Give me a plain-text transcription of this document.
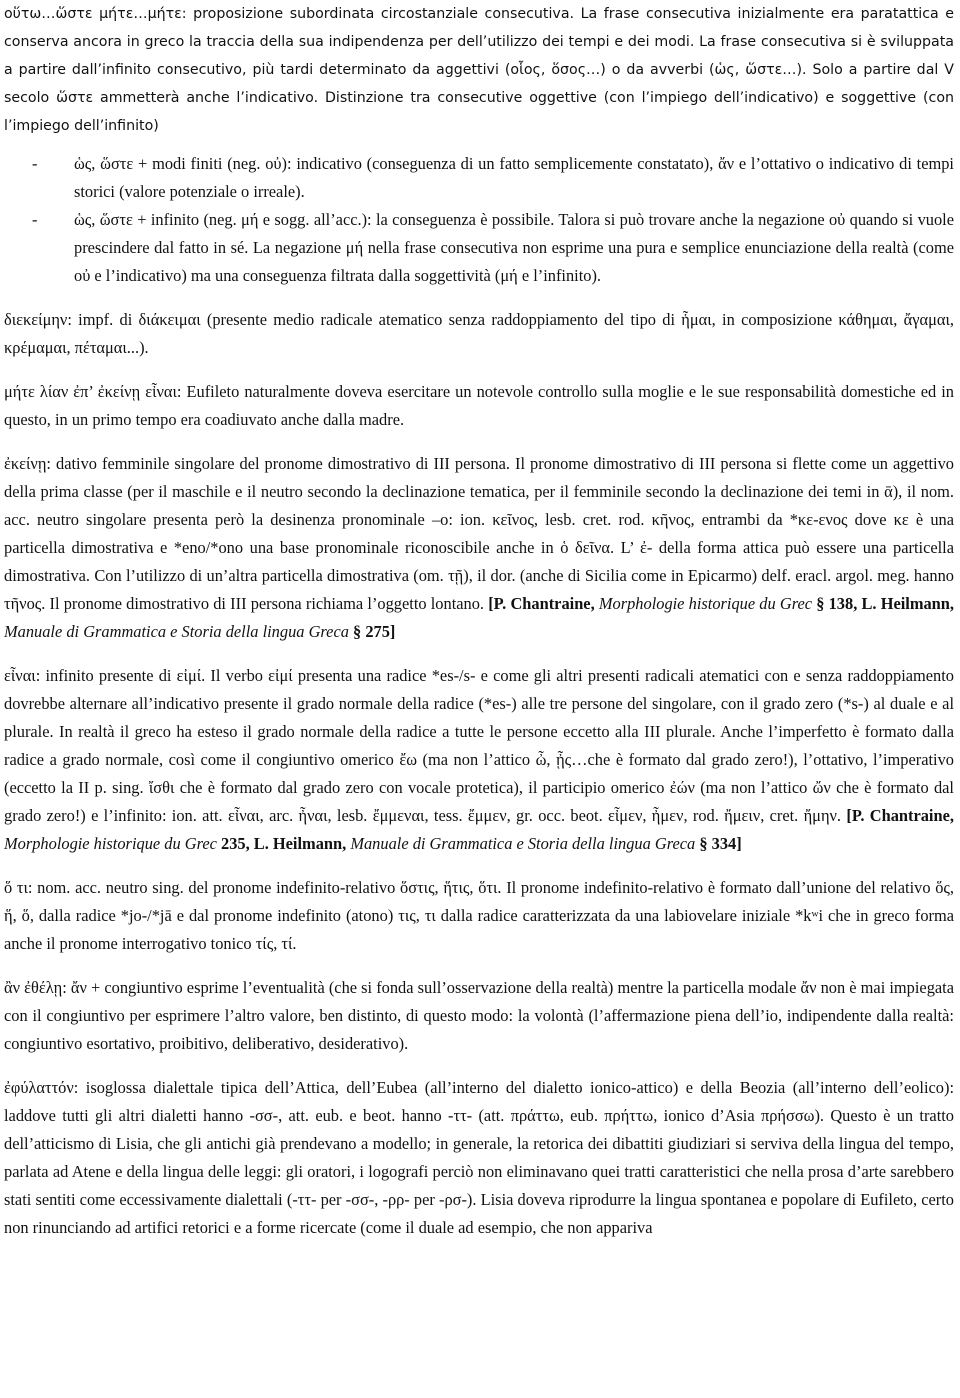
οὕτω…ὥστε μήτε…μήτε: proposizione subordinata circostanziale consecutiva. La frase consecutiva inizialmente era paratattica e conserva ancora in greco la traccia della sua indipendenza per dell’utilizzo dei tempi e dei modi. La frase consecutiva si è sviluppata a partire dall’infinito consecutivo, più tardi determinato da aggettivi (οἷος, ὅσος…) o da avverbi (ὡς, ὥστε…). Solo a partire dal V secolo ὥστε ammetterà anche l’indicativo. Distinzione tra consecutive oggettive (con l’impiego dell’indicativo) e soggettive (con l’impiego dell’infinito)

-	ὡς, ὥστε + modi finiti (neg. οὐ): indicativo (conseguenza di un fatto semplicemente constatato), ἄν e l’ottativo o indicativo di tempi storici (valore potenziale o irreale).
-	ὡς, ὥστε + infinito (neg. μή e sogg. all’acc.): la conseguenza è possibile. Talora si può trovare anche la negazione οὐ quando si vuole prescindere dal fatto in sé. La negazione μή nella frase consecutiva non esprime una pura e semplice enunciazione della realtà (come οὐ e l’indicativo) ma una conseguenza filtrata dalla soggettività (μή e l’infinito).

διεκείμην: impf. di διάκειμαι (presente medio radicale atematico senza raddoppiamento del tipo di ἧμαι, in composizione κάθημαι, ἄγαμαι, κρέμαμαι, πέταμαι...).

μήτε λίαν ἐπ’ ἐκείνῃ εἶναι: Eufileto naturalmente doveva esercitare un notevole controllo sulla moglie e le sue responsabilità domestiche ed in questo, in un primo tempo era coadiuvato anche dalla madre.

ἐκείνῃ: dativo femminile singolare del pronome dimostrativo di III persona. Il pronome dimostrativo di III persona si flette come un aggettivo della prima classe (per il maschile e il neutro secondo la declinazione tematica, per il femminile secondo la declinazione dei temi in ᾱ), il nom. acc. neutro singolare presenta però la desinenza pronominale –ο: ion. κεῖνος, lesb. cret. rod. κῆνος, entrambi da *κε-ενος dove κε è una particella dimostrativa e *eno/*ono una base pronominale riconoscibile anche in ὁ δεῖνα. L’ ἐ- della forma attica può essere una particella dimostrativa. Con l’utilizzo di un’altra particella dimostrativa (om. τῇ), il dor. (anche di Sicilia come in Epicarmo) delf. eracl. argol. meg. hanno τῆνος. Il pronome dimostrativo di III persona richiama l’oggetto lontano. [P. Chantraine, Morphologie historique du Grec § 138, L. Heilmann, Manuale di Grammatica e Storia della lingua Greca § 275]

εἶναι: infinito presente di εἰμί. Il verbo εἰμί presenta una radice *es-/s- e come gli altri presenti radicali atematici con e senza raddoppiamento dovrebbe alternare all’indicativo presente il grado normale della radice (*es-) alle tre persone del singolare, con il grado zero (*s-) al duale e al plurale. In realtà il greco ha esteso il grado normale della radice a tutte le persone eccetto alla III plurale. Anche l’imperfetto è formato dalla radice a grado normale, così come il congiuntivo omerico ἔω (ma non l’attico ὦ, ᾖς…che è formato dal grado zero!), l’ottativo, l’imperativo (eccetto la II p. sing. ἴσθι che è formato dal grado zero con vocale protetica), il participio omerico ἐών (ma non l’attico ὤν che è formato dal grado zero!) e l’infinito: ion. att. εἶναι, arc. ἦναι, lesb. ἔμμεναι, tess. ἔμμεν, gr. occ. beot. εἶμεν, ἦμεν, rod. ἤμειν, cret. ἤμην. [P. Chantraine, Morphologie historique du Grec 235, L. Heilmann, Manuale di Grammatica e Storia della lingua Greca § 334]

ὅ τι: nom. acc. neutro sing. del pronome indefinito-relativo ὅστις, ἥτις, ὅτι. Il pronome indefinito-relativo è formato dall’unione del relativo ὅς, ἥ, ὅ, dalla radice *jo-/*jā e dal pronome indefinito (atono) τις, τι dalla radice caratterizzata da una labiovelare iniziale *kʷi che in greco forma anche il pronome interrogativo tonico τίς, τί.

ἂν ἐθέλῃ: ἄν + congiuntivo esprime l’eventualità (che si fonda sull’osservazione della realtà) mentre la particella modale ἄν non è mai impiegata con il congiuntivo per esprimere l’altro valore, ben distinto, di questo modo: la volontà (l’affermazione piena dell’io, indipendente dalla realtà: congiuntivo esortativo, proibitivo, deliberativo, desiderativo).

ἐφύλαττόν: isoglossa dialettale tipica dell’Attica, dell’Eubea (all’interno del dialetto ionico-attico) e della Beozia (all’interno dell’eolico): laddove tutti gli altri dialetti hanno -σσ-, att. eub. e beot. hanno -ττ- (att. πράττω, eub. πρήττω, ionico d’Asia πρήσσω). Questo è un tratto dell’atticismo di Lisia, che gli antichi già prendevano a modello; in generale, la retorica dei dibattiti giudiziari si serviva della lingua del tempo, parlata ad Atene e della lingua delle leggi: gli oratori, i logografi perciò non eliminavano quei tratti caratteristici che nella prosa d’arte sarebbero stati sentiti come eccessivamente dialettali (-ττ- per -σσ-, -ρρ- per -ρσ-). Lisia doveva riprodurre la lingua spontanea e popolare di Eufileto, certo non rinunciando ad artifici retorici e a forme ricercate (come il duale ad esempio, che non appariva
